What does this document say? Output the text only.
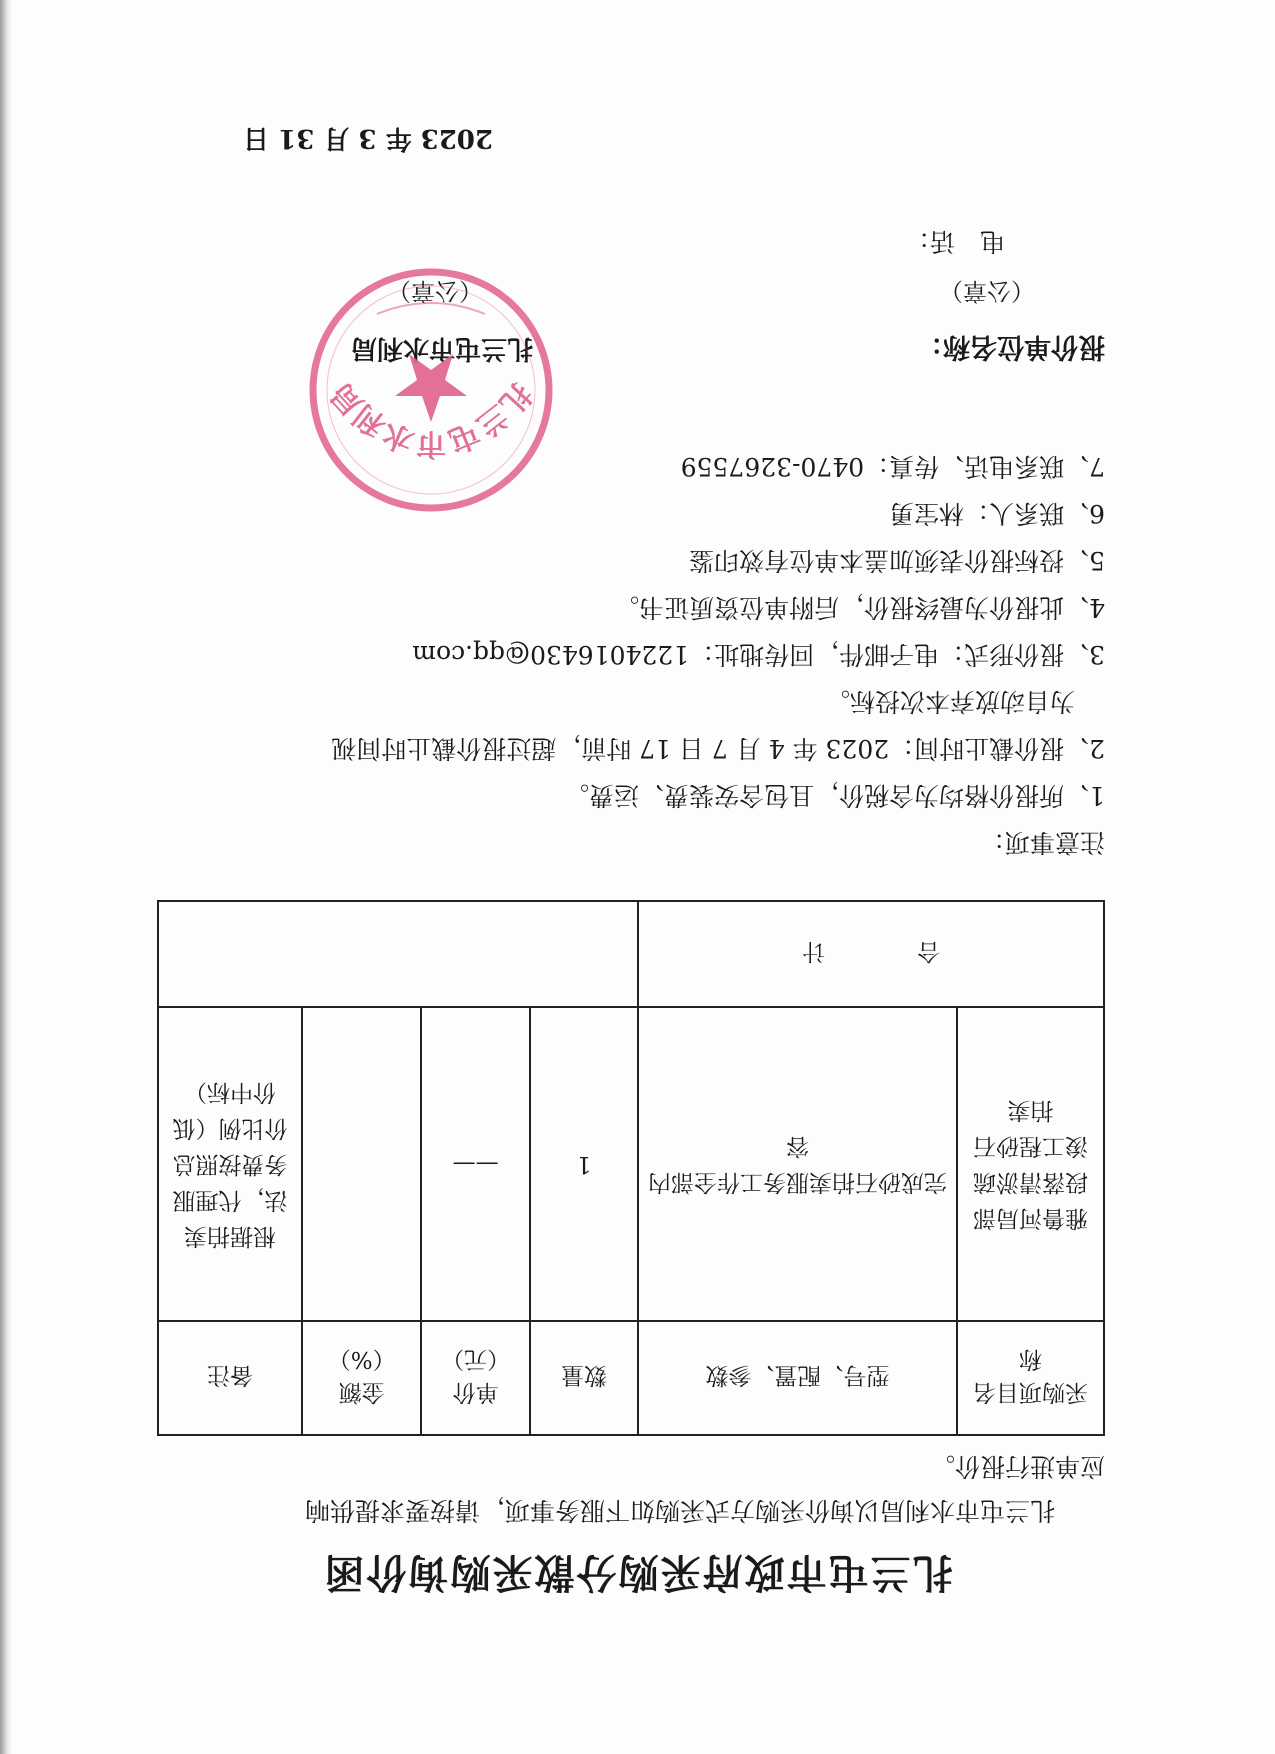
扎兰屯市政府采购分散采购询价函
扎兰屯市水利局以询价采购方式采购如下服务事项，请按要求提供响
应单进行报价。
采购项目名称	型号、配置、参数	数量	单价（元）	金额（%）	备注
雅鲁河局部段落清淤疏浚工程砂石拍卖	完成砂石拍卖服务工作全部内容	1	——		根据拍卖法，代理服务费按照总价比例（低价中标）
合　　　　计					
注意事项：
1、所报价格均为含税价，且包含安装费、运费。
2、报价截止时间：2023 年 4 月 7 日 17 时前，超过报价截止时间视
为自动放弃本次投标。
3、报价形式：电子邮件，回传地址：1224016430@qq.com
4、此报价为最终报价，后附单位资质证书。
5、投标报价表须加盖本单位有效印鉴
6、联系人：林宝勇
7、联系电话、传真：0470-3267559
报价单位名称：
（公章）
电　话：
扎兰屯市水利局
（公章）
2023 年 3 月 31 日
扎兰屯市水利局
